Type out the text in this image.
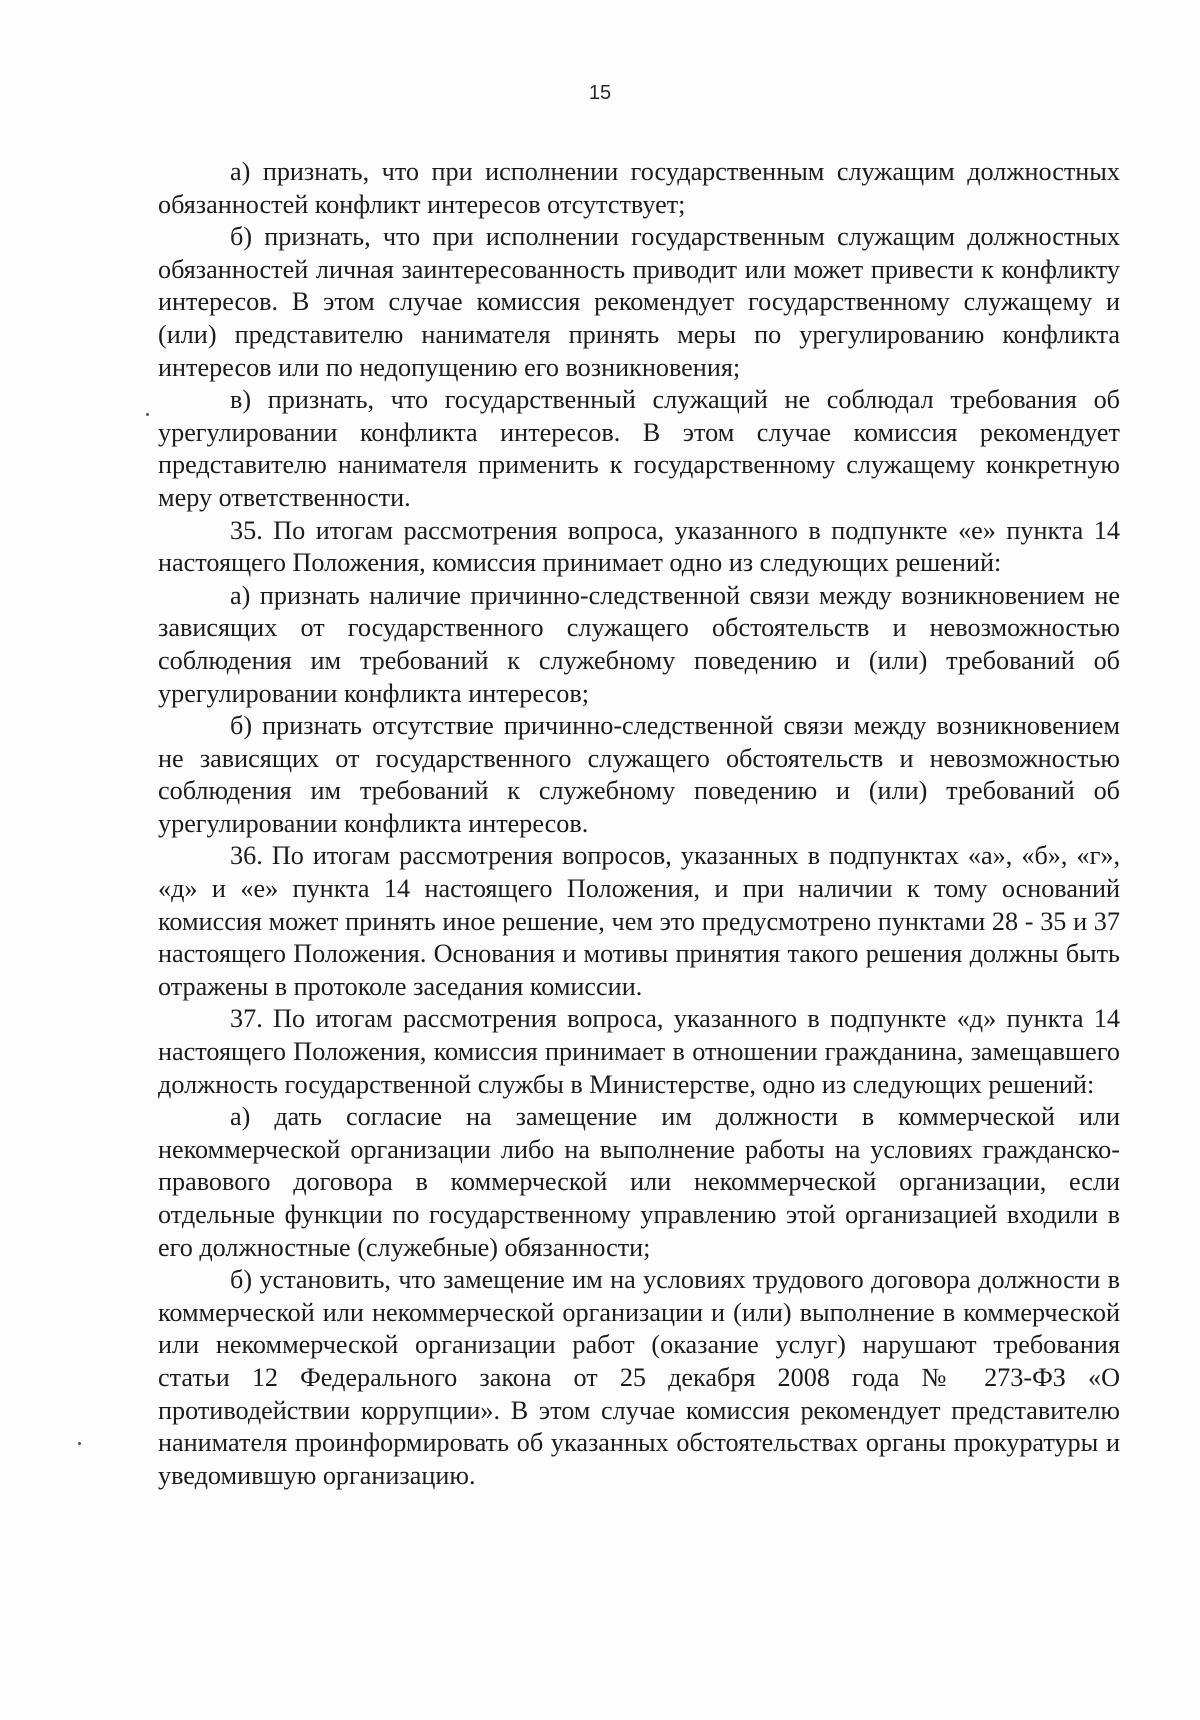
15

а) признать, что при исполнении государственным служащим должностных обязанностей конфликт интересов отсутствует;

б) признать, что при исполнении государственным служащим должностных обязанностей личная заинтересованность приводит или может привести к конфликту интересов. В этом случае комиссия рекомендует государственному служащему и (или) представителю нанимателя принять меры по урегулированию конфликта интересов или по недопущению его возникновения;

в) признать, что государственный служащий не соблюдал требования об урегулировании конфликта интересов. В этом случае комиссия рекомендует представителю нанимателя применить к государственному служащему конкретную меру ответственности.

35. По итогам рассмотрения вопроса, указанного в подпункте «е» пункта 14 настоящего Положения, комиссия принимает одно из следующих решений:

а) признать наличие причинно-следственной связи между возникновением не зависящих от государственного служащего обстоятельств и невозможностью соблюдения им требований к служебному поведению и (или) требований об урегулировании конфликта интересов;

б) признать отсутствие причинно-следственной связи между возникновением не зависящих от государственного служащего обстоятельств и невозможностью соблюдения им требований к служебному поведению и (или) требований об урегулировании конфликта интересов.

36. По итогам рассмотрения вопросов, указанных в подпунктах «а», «б», «г», «д» и «е» пункта 14 настоящего Положения, и при наличии к тому оснований комиссия может принять иное решение, чем это предусмотрено пунктами 28 - 35 и 37 настоящего Положения. Основания и мотивы принятия такого решения должны быть отражены в протоколе заседания комиссии.

37. По итогам рассмотрения вопроса, указанного в подпункте «д» пункта 14 настоящего Положения, комиссия принимает в отношении гражданина, замещавшего должность государственной службы в Министерстве, одно из следующих решений:

а) дать согласие на замещение им должности в коммерческой или некоммерческой организации либо на выполнение работы на условиях гражданско-правового договора в коммерческой или некоммерческой организации, если отдельные функции по государственному управлению этой организацией входили в его должностные (служебные) обязанности;

б) установить, что замещение им на условиях трудового договора должности в коммерческой или некоммерческой организации и (или) выполнение в коммерческой или некоммерческой организации работ (оказание услуг) нарушают требования статьи 12 Федерального закона от 25 декабря 2008 года № 273-ФЗ «О противодействии коррупции». В этом случае комиссия рекомендует представителю нанимателя проинформировать об указанных обстоятельствах органы прокуратуры и уведомившую организацию.
